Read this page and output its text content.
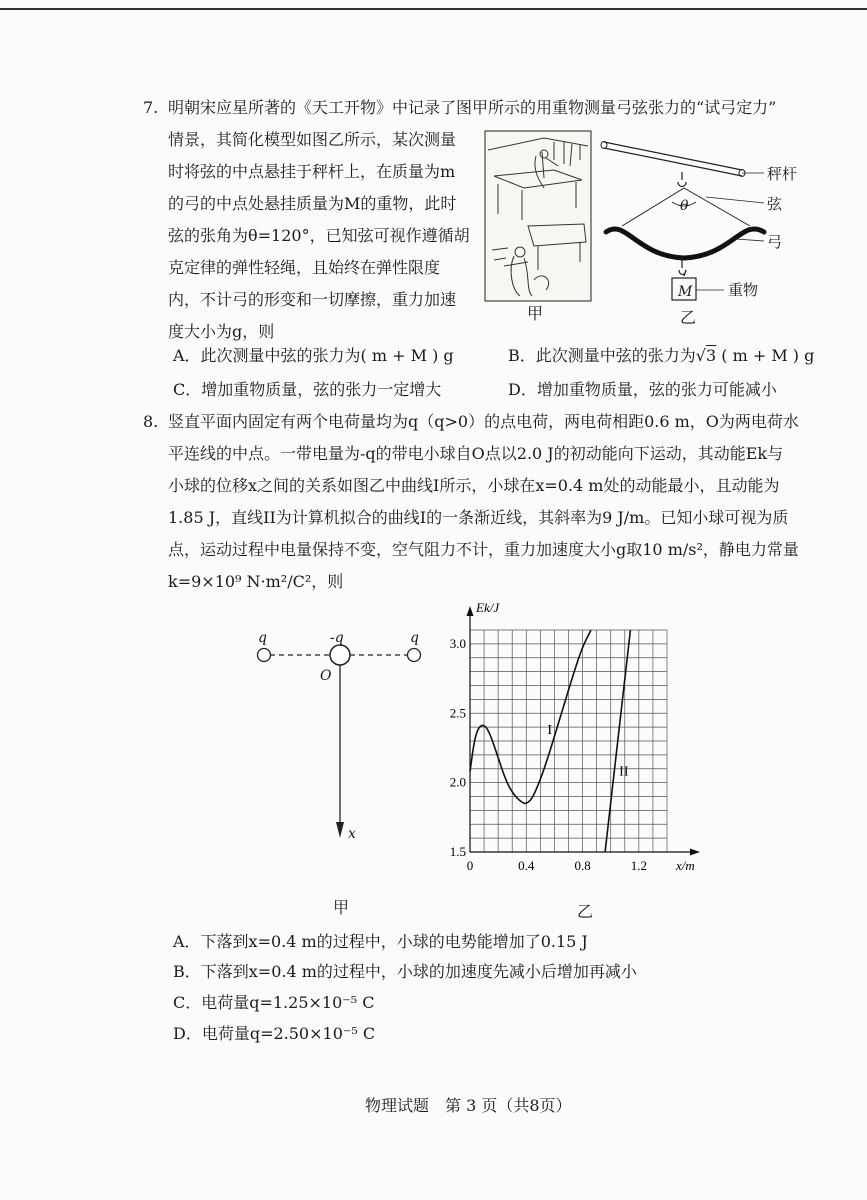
7. 明朝宋应星所著的《天工开物》中记录了图甲所示的用重物测量弓弦张力的“试弓定力”
情景，其简化模型如图乙所示，某次测量
时将弦的中点悬挂于秤杆上，在质量为m
的弓的中点处悬挂质量为M的重物，此时
弦的张角为θ=120°，已知弦可视作遵循胡
克定律的弹性轻绳，且始终在弹性限度
内，不计弓的形变和一切摩擦，重力加速
度大小为g，则
甲
θ
M
秤杆
弦
弓
重物
乙
A．此次测量中弦的张力为( m + M ) g	B．此次测量中弦的张力为√3 ( m + M ) g
C．增加重物质量，弦的张力一定增大	D．增加重物质量，弦的张力可能减小
8. 竖直平面内固定有两个电荷量均为q（q>0）的点电荷，两电荷相距0.6 m，O为两电荷水
平连线的中点。一带电量为-q的带电小球自O点以2.0 J的初动能向下运动，其动能Ek与
小球的位移x之间的关系如图乙中曲线I所示，小球在x=0.4 m处的动能最小，且动能为
1.85 J，直线II为计算机拟合的曲线I的一条渐近线，其斜率为9 J/m。已知小球可视为质
点，运动过程中电量保持不变，空气阻力不计，重力加速度大小g取10 m/s²，静电力常量
k=9×10⁹ N·m²/C²，则
q	-q	q
O
x
甲
0	0.4	0.8	1.2
1.5
2.0
2.5
3.0
Ek/J
x/m
I
II
乙
A．下落到x=0.4 m的过程中，小球的电势能增加了0.15 J
B．下落到x=0.4 m的过程中，小球的加速度先减小后增加再减小
C．电荷量q=1.25×10⁻⁵ C
D．电荷量q=2.50×10⁻⁵ C
物理试题　第 3 页（共8页）
